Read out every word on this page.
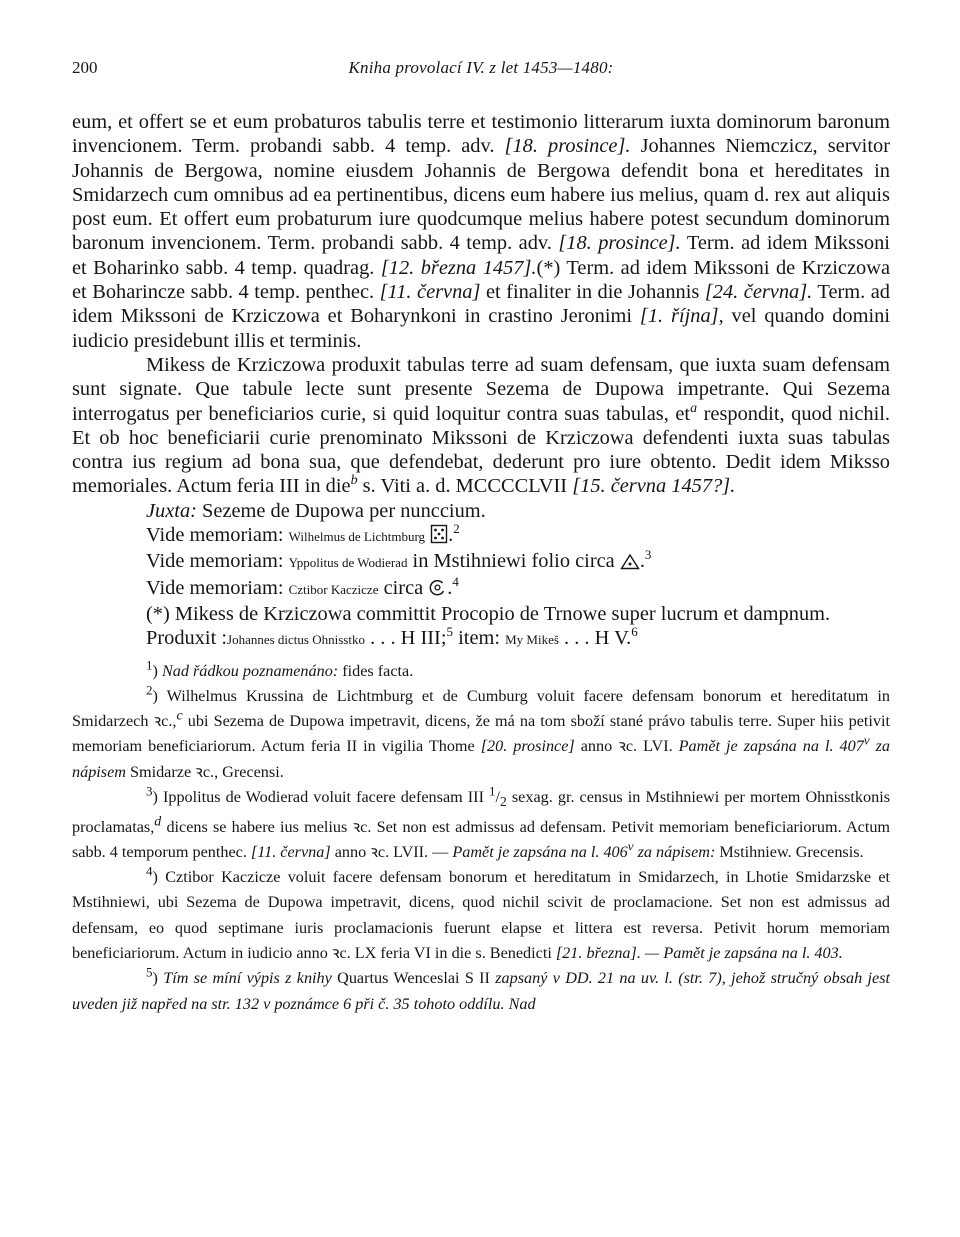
200	Kniha provolací IV. z let 1453—1480:

eum, et offert se et eum probaturos tabulis terre et testimonio litterarum iuxta dominorum baronum invencionem. Term. probandi sabb. 4 temp. adv. [18. prosince]. Johannes Niemczicz, servitor Johannis de Bergowa, nomine eiusdem Johannis de Bergowa defendit bona et hereditates in Smidarzech cum omnibus ad ea pertinentibus, dicens eum habere ius melius, quam d. rex aut aliquis post eum. Et offert eum probaturum iure quodcumque melius habere potest secundum dominorum baronum invencionem. Term. probandi sabb. 4 temp. adv. [18. prosince]. Term. ad idem Mikssoni et Boharinko sabb. 4 temp. quadrag. [12. března 1457].(*) Term. ad idem Mikssoni de Krziczowa et Boharincze sabb. 4 temp. penthec. [11. června] et finaliter in die Johannis [24. června]. Term. ad idem Mikssoni de Krziczowa et Boharynkoni in crastino Jeronimi [1. října], vel quando domini iudicio presidebunt illis et terminis.

Mikess de Krziczowa produxit tabulas terre ad suam defensam, que iuxta suam defensam sunt signate. Que tabule lecte sunt presente Sezema de Dupowa impetrante. Qui Sezema interrogatus per beneficiarios curie, si quid loquitur contra suas tabulas, et$^a$ respondit, quod nichil. Et ob hoc beneficiarii curie prenominato Mikssoni de Krziczowa defendenti iuxta suas tabulas contra ius regium ad bona sua, que defendebat, dederunt pro iure obtento. Dedit idem Miksso memoriales. Actum feria III in die$^b$ s. Viti a. d. MCCCCLVII [15. června 1457?].

Juxta: Sezeme de Dupowa per nunccium.

Vide memoriam: Wilhelmus de Lichtmburg .$^2$

Vide memoriam: Yppolitus de Wodierad in Mstihniewi folio circa .$^3$

Vide memoriam: Cztibor Kaczicze circa .$^4$

(*) Mikess de Krziczowa committit Procopio de Trnowe super lucrum et dampnum.

Produxit :Johannes dictus Ohnisstko . . . H III;$^5$ item: My Mikeš . . . H V.$^6$

$^1$) Nad řádkou poznamenáno: fides facta.

$^2$) Wilhelmus Krussina de Lichtmburg et de Cumburg voluit facere defensam bonorum et hereditatum in Smidarzech ꝛc.,c ubi Sezema de Dupowa impetravit, dicens, že má na tom sboží stané právo tabulis terre. Super hiis petivit memoriam beneficiariorum. Actum feria II in vigilia Thome [20. prosince] anno ꝛc. LVI. Pamět je zapsána na l. 407$^v$ za nápisem Smidarze ꝛc., Grecensi.

$^3$) Ippolitus de Wodierad voluit facere defensam III $^1/_2$ sexag. gr. census in Mstihniewi per mortem Ohnisstkonis proclamatas,d dicens se habere ius melius ꝛc. Set non est admissus ad defensam. Petivit memoriam beneficiariorum. Actum sabb. 4 temporum penthec. [11. června] anno ꝛc. LVII. — Pamět je zapsána na l. 406$^v$ za nápisem: Mstihniew. Grecensis.

$^4$) Cztibor Kaczicze voluit facere defensam bonorum et hereditatum in Smidarzech, in Lhotie Smidarzske et Mstihniewi, ubi Sezema de Dupowa impetravit, dicens, quod nichil scivit de proclamacione. Set non est admissus ad defensam, eo quod septimane iuris proclamacionis fuerunt elapse et littera est reversa. Petivit horum memoriam beneficiariorum. Actum in iudicio anno ꝛc. LX feria VI in die s. Benedicti [21. března]. — Pamět je zapsána na l. 403.

$^5$) Tím se míní výpis z knihy Quartus Wenceslai S II zapsaný v DD. 21 na uv. l. (str. 7), jehož stručný obsah jest uveden již napřed na str. 132 v poznámce 6 při č. 35 tohoto oddílu. Nad
